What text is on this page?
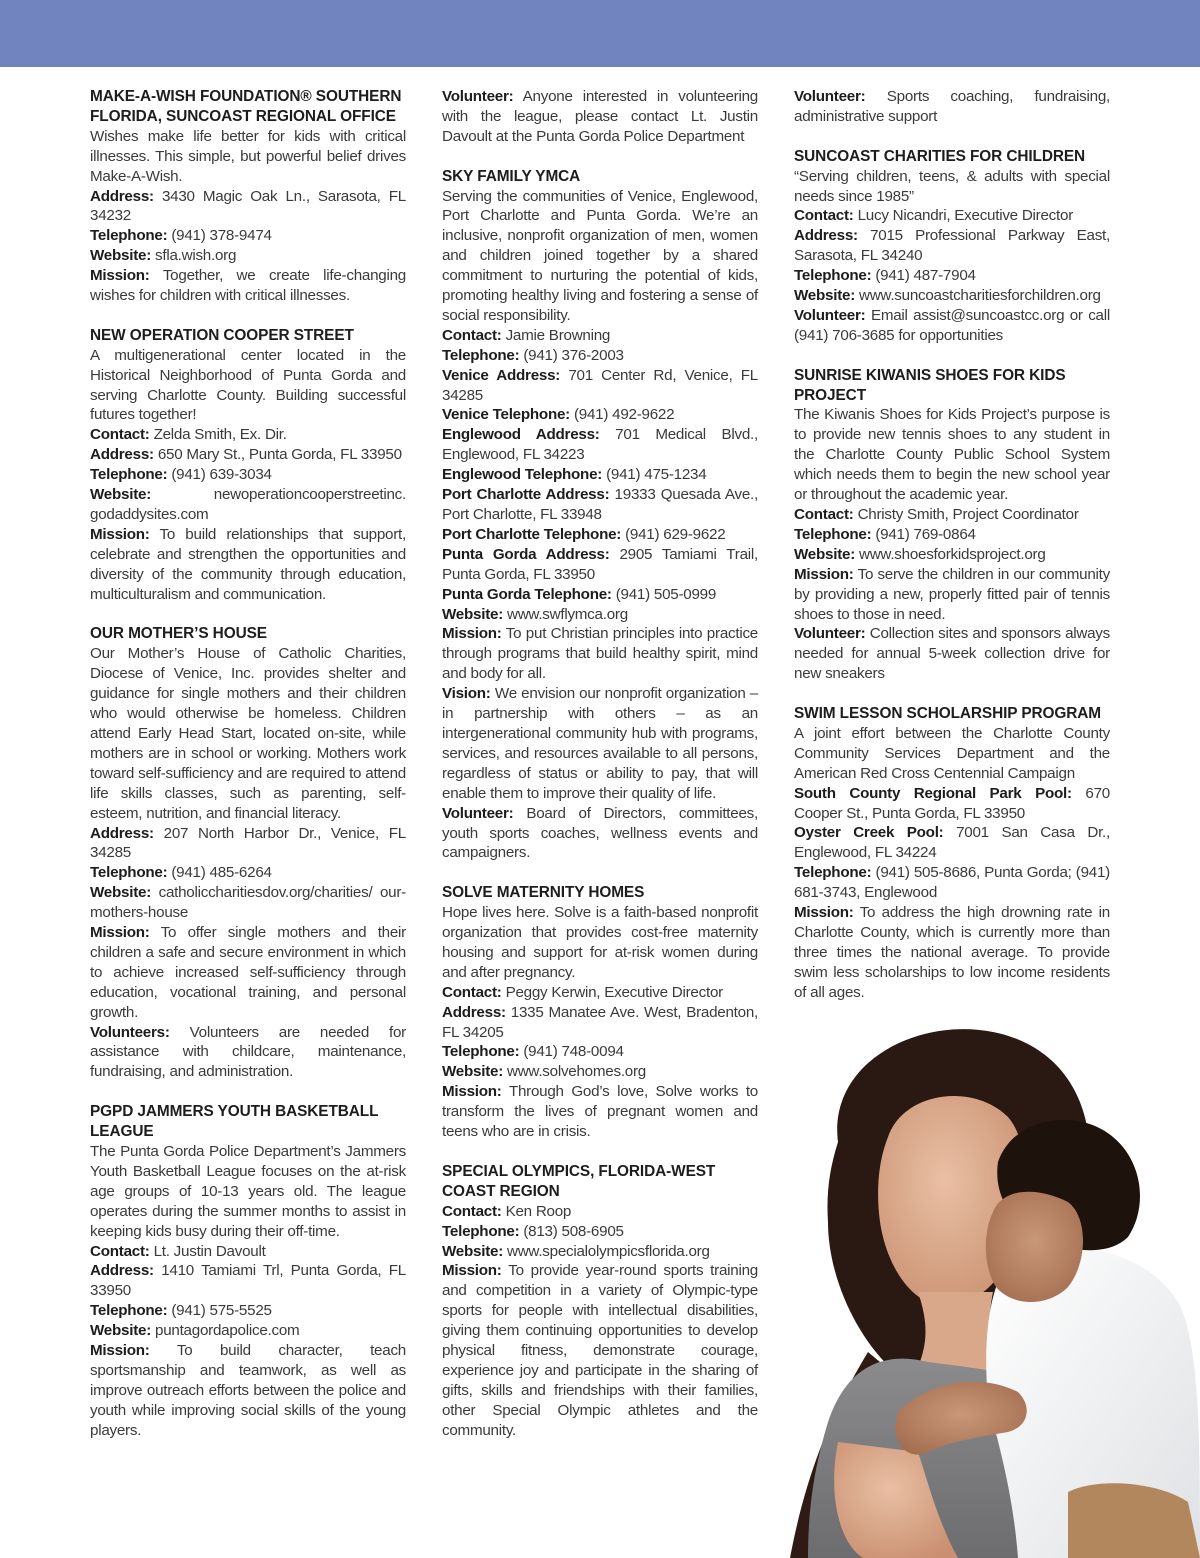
MAKE-A-WISH FOUNDATION® SOUTHERN FLORIDA, SUNCOAST REGIONAL OFFICE

Wishes make life better for kids with critical illnesses. This simple, but powerful belief drives Make-A-Wish.

Address: 3430 Magic Oak Ln., Sarasota, FL 34232

Telephone: (941) 378-9474

Website: sfla.wish.org

Mission: Together, we create life-changing wishes for children with critical illnesses.

NEW OPERATION COOPER STREET

A multigenerational center located in the Historical Neighborhood of Punta Gorda and serving Charlotte County. Building successful futures together!

Contact: Zelda Smith, Ex. Dir.

Address: 650 Mary St., Punta Gorda, FL 33950

Telephone: (941) 639-3034

Website:	newoperationcooperstreetinc. godaddysites.com

Mission: To build relationships that support, celebrate and strengthen the opportunities and diversity of the community through education, multiculturalism and communication.

OUR MOTHER’S HOUSE

Our Mother’s House of Catholic Charities, Diocese of Venice, Inc. provides shelter and guidance for single mothers and their children who would otherwise be homeless. Children attend Early Head Start, located on-site, while mothers are in school or working. Mothers work toward self-sufficiency and are required to attend life skills classes, such as parenting, self-esteem, nutrition, and financial literacy.

Address: 207 North Harbor Dr., Venice, FL 34285

Telephone: (941) 485-6264

Website: catholiccharitiesdov.org/charities/ our-mothers-house

Mission: To offer single mothers and their children a safe and secure environment in which to achieve increased self-sufficiency through education, vocational training, and personal growth.

Volunteers: Volunteers are needed for assistance with childcare, maintenance, fundraising, and administration.

PGPD JAMMERS YOUTH BASKETBALL LEAGUE

The Punta Gorda Police Department’s Jammers Youth Basketball League focuses on the at-risk age groups of 10-13 years old. The league operates during the summer months to assist in keeping kids busy during their off-time.

Contact: Lt. Justin Davoult

Address: 1410 Tamiami Trl, Punta Gorda, FL 33950

Telephone: (941) 575-5525

Website: puntagordapolice.com

Mission: To build character, teach sportsmanship and teamwork, as well as improve outreach efforts between the police and youth while improving social skills of the young players.

Volunteer: Anyone interested in volunteering with the league, please contact Lt. Justin Davoult at the Punta Gorda Police Department

SKY FAMILY YMCA

Serving the communities of Venice, Englewood, Port Charlotte and Punta Gorda. We’re an inclusive, nonprofit organization of men, women and children joined together by a shared commitment to nurturing the potential of kids, promoting healthy living and fostering a sense of social responsibility.

Contact: Jamie Browning

Telephone: (941) 376-2003

Venice Address: 701 Center Rd, Venice, FL 34285

Venice Telephone: (941) 492-9622

Englewood Address: 701 Medical Blvd., Englewood, FL 34223

Englewood Telephone: (941) 475-1234

Port Charlotte Address: 19333 Quesada Ave., Port Charlotte, FL 33948

Port Charlotte Telephone: (941) 629-9622

Punta Gorda Address: 2905 Tamiami Trail, Punta Gorda, FL 33950

Punta Gorda Telephone: (941) 505-0999

Website: www.swflymca.org

Mission: To put Christian principles into practice through programs that build healthy spirit, mind and body for all.

Vision: We envision our nonprofit organization – in partnership with others – as an intergenerational community hub with programs, services, and resources available to all persons, regardless of status or ability to pay, that will enable them to improve their quality of life.

Volunteer: Board of Directors, committees, youth sports coaches, wellness events and campaigners.

SOLVE MATERNITY HOMES

Hope lives here. Solve is a faith-based nonprofit organization that provides cost-free maternity housing and support for at-risk women during and after pregnancy.

Contact: Peggy Kerwin, Executive Director

Address: 1335 Manatee Ave. West, Bradenton, FL 34205

Telephone: (941) 748-0094

Website: www.solvehomes.org

Mission: Through God’s love, Solve works to transform the lives of pregnant women and teens who are in crisis.

SPECIAL OLYMPICS, FLORIDA-WEST COAST REGION

Contact: Ken Roop

Telephone: (813) 508-6905

Website: www.specialolympicsflorida.org

Mission: To provide year-round sports training and competition in a variety of Olympic-type sports for people with intellectual disabilities, giving them continuing opportunities to develop physical fitness, demonstrate courage, experience joy and participate in the sharing of gifts, skills and friendships with their families, other Special Olympic athletes and the community.

Volunteer: Sports coaching, fundraising, administrative support

SUNCOAST CHARITIES FOR CHILDREN

“Serving children, teens, & adults with special needs since 1985”

Contact: Lucy Nicandri, Executive Director

Address: 7015 Professional Parkway East, Sarasota, FL 34240

Telephone: (941) 487-7904

Website: www.suncoastcharitiesforchildren.org

Volunteer: Email assist@suncoastcc.org or call (941) 706-3685 for opportunities

SUNRISE KIWANIS SHOES FOR KIDS PROJECT

The Kiwanis Shoes for Kids Project’s purpose is to provide new tennis shoes to any student in the Charlotte County Public School System which needs them to begin the new school year or throughout the academic year.

Contact: Christy Smith, Project Coordinator

Telephone: (941) 769-0864

Website: www.shoesforkidsproject.org

Mission: To serve the children in our community by providing a new, properly fitted pair of tennis shoes to those in need.

Volunteer: Collection sites and sponsors always needed for annual 5-week collection drive for new sneakers

SWIM LESSON SCHOLARSHIP PROGRAM

A joint effort between the Charlotte County Community Services Department and the American Red Cross Centennial Campaign

South County Regional Park Pool: 670 Cooper St., Punta Gorda, FL 33950

Oyster Creek Pool: 7001 San Casa Dr., Englewood, FL 34224

Telephone: (941) 505-8686, Punta Gorda; (941) 681-3743, Englewood

Mission: To address the high drowning rate in Charlotte County, which is currently more than three times the national average. To provide swim less scholarships to low income residents of all ages.
